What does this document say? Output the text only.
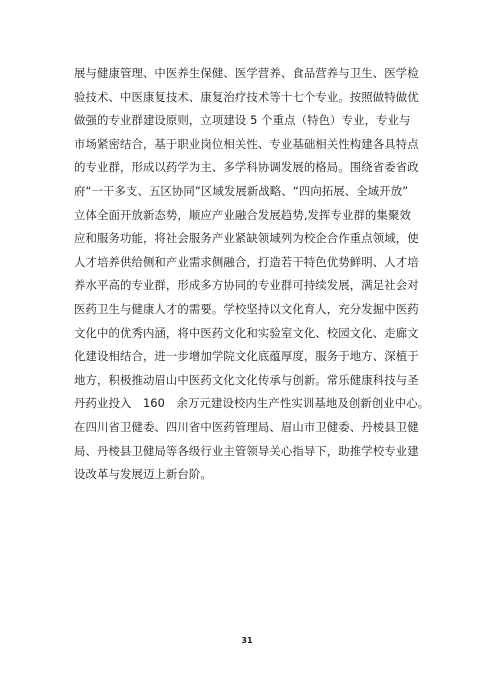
展与健康管理、中医养生保健、医学营养、食品营养与卫生、医学检
验技术、中医康复技术、康复治疗技术等十七个专业。按照做特做优
做强的专业群建设原则，立项建设 5 个重点（特色）专业，专业与
市场紧密结合，基于职业岗位相关性、专业基础相关性构建各具特点
的专业群，形成以药学为主、多学科协调发展的格局。围绕省委省政
府“一干多支、五区协同”区域发展新战略、“四向拓展、全域开放”
立体全面开放新态势，顺应产业融合发展趋势,发挥专业群的集聚效
应和服务功能，将社会服务产业紧缺领域列为校企合作重点领域，使
人才培养供给侧和产业需求侧融合，打造若干特色优势鲜明、人才培
养水平高的专业群，形成多方协同的专业群可持续发展，满足社会对
医药卫生与健康人才的需要。学校坚持以文化育人，充分发掘中医药
文化中的优秀内涵，将中医药文化和实验室文化、校园文化、走廊文
化建设相结合，进一步增加学院文化底蕴厚度，服务于地方、深植于
地方，积极推动眉山中医药文化文化传承与创新。常乐健康科技与圣
丹药业投入　160　余万元建设校内生产性实训基地及创新创业中心。
在四川省卫健委、四川省中医药管理局、眉山市卫健委、丹棱县卫健
局、丹棱县卫健局等各级行业主管领导关心指导下，助推学校专业建
设改革与发展迈上新台阶。
31
